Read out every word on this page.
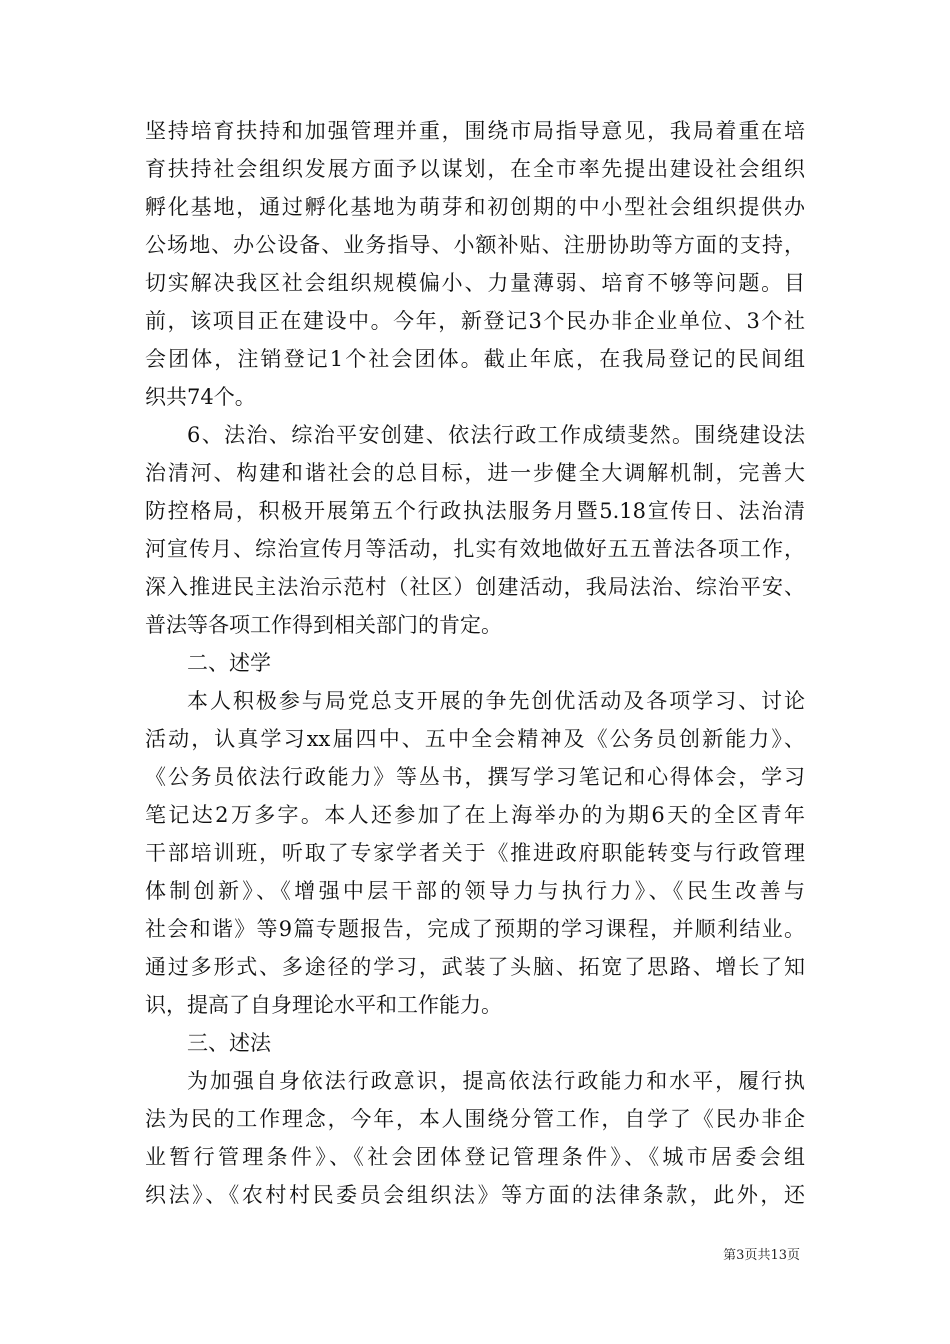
坚持培育扶持和加强管理并重，围绕市局指导意见，我局着重在培
育扶持社会组织发展方面予以谋划，在全市率先提出建设社会组织
孵化基地，通过孵化基地为萌芽和初创期的中小型社会组织提供办
公场地、办公设备、业务指导、小额补贴、注册协助等方面的支持，
切实解决我区社会组织规模偏小、力量薄弱、培育不够等问题。目
前，该项目正在建设中。今年，新登记3个民办非企业单位、3个社
会团体，注销登记1个社会团体。截止年底，在我局登记的民间组
织共74个。
6、法治、综治平安创建、依法行政工作成绩斐然。围绕建设法
治清河、构建和谐社会的总目标，进一步健全大调解机制，完善大
防控格局，积极开展第五个行政执法服务月暨5.18宣传日、法治清
河宣传月、综治宣传月等活动，扎实有效地做好五五普法各项工作，
深入推进民主法治示范村（社区）创建活动，我局法治、综治平安、
普法等各项工作得到相关部门的肯定。
二、述学
本人积极参与局党总支开展的争先创优活动及各项学习、讨论
活动，认真学习xx届四中、五中全会精神及《公务员创新能力》、
《公务员依法行政能力》等丛书，撰写学习笔记和心得体会，学习
笔记达2万多字。本人还参加了在上海举办的为期6天的全区青年
干部培训班，听取了专家学者关于《推进政府职能转变与行政管理
体制创新》、《增强中层干部的领导力与执行力》、《民生改善与
社会和谐》等9篇专题报告，完成了预期的学习课程，并顺利结业。
通过多形式、多途径的学习，武装了头脑、拓宽了思路、增长了知
识，提高了自身理论水平和工作能力。
三、述法
为加强自身依法行政意识，提高依法行政能力和水平，履行执
法为民的工作理念，今年，本人围绕分管工作，自学了《民办非企
业暂行管理条件》、《社会团体登记管理条件》、《城市居委会组
织法》、《农村村民委员会组织法》等方面的法律条款，此外，还
第3页共13页
